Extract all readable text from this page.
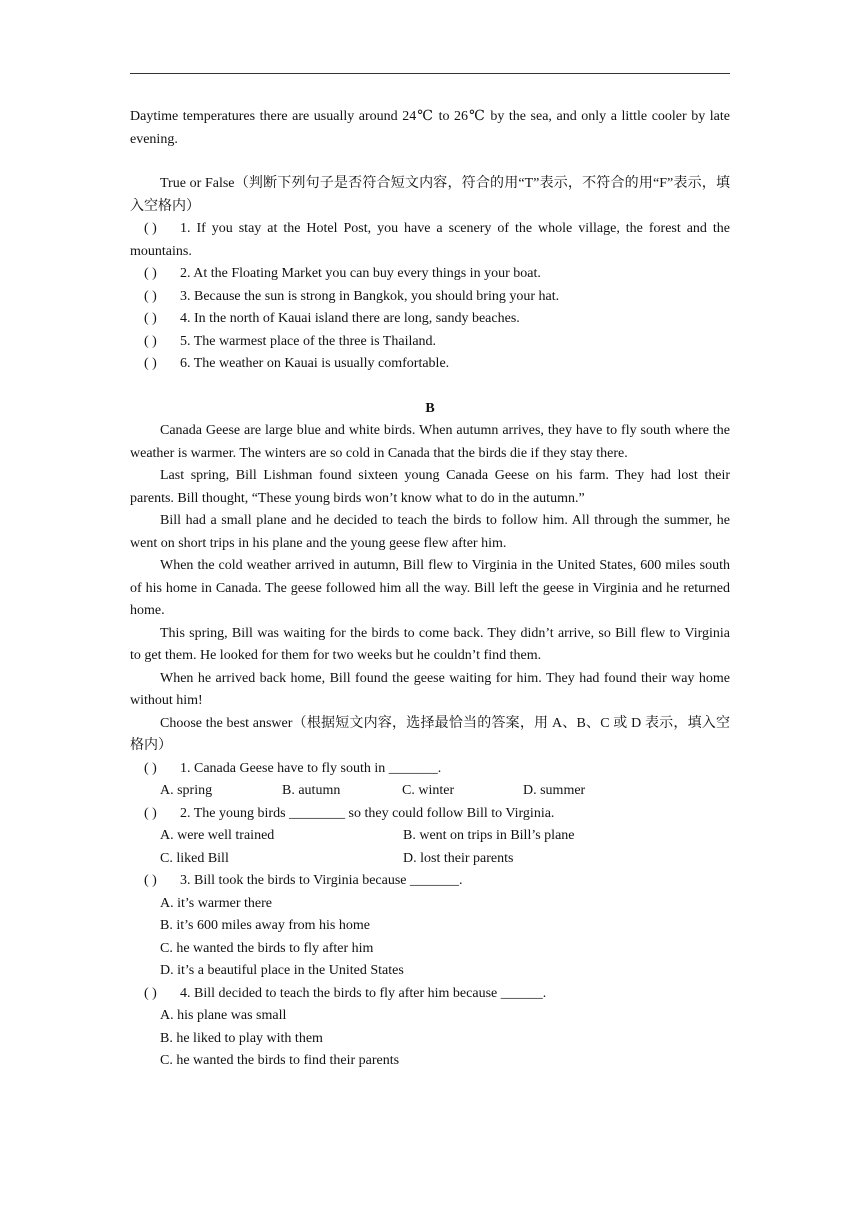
Daytime temperatures there are usually around 24℃ to 26℃ by the sea, and only a little cooler by late evening.

True or False（判断下列句子是否符合短文内容，符合的用“T”表示，不符合的用“F”表示，填入空格内）

( ) 1. If you stay at the Hotel Post, you have a scenery of the whole village, the forest and the mountains.

( )	2. At the Floating Market you can buy every things in your boat.

( )	3. Because the sun is strong in Bangkok, you should bring your hat.

( )	4. In the north of Kauai island there are long, sandy beaches.

( )	5. The warmest place of the three is Thailand.

( )	6. The weather on Kauai is usually comfortable.

B

Canada Geese are large blue and white birds. When autumn arrives, they have to fly south where the weather is warmer. The winters are so cold in Canada that the birds die if they stay there.

Last spring, Bill Lishman found sixteen young Canada Geese on his farm. They had lost their parents. Bill thought, “These young birds won’t know what to do in the autumn.”

Bill had a small plane and he decided to teach the birds to follow him. All through the summer, he went on short trips in his plane and the young geese flew after him.

When the cold weather arrived in autumn, Bill flew to Virginia in the United States, 600 miles south of his home in Canada. The geese followed him all the way. Bill left the geese in Virginia and he returned home.

This spring, Bill was waiting for the birds to come back. They didn’t arrive, so Bill flew to Virginia to get them. He looked for them for two weeks but he couldn’t find them.

When he arrived back home, Bill found the geese waiting for him. They had found their way home without him!

Choose the best answer（根据短文内容，选择最恰当的答案，用 A、B、C 或 D 表示，填入空格内）

( )	1. Canada Geese have to fly south in _______.

A. spring	B. autumn	C. winter	D. summer

( )	2. The young birds ________ so they could follow Bill to Virginia.

A. were well trained	B. went on trips in Bill’s plane

C. liked Bill	D. lost their parents

( )	3. Bill took the birds to Virginia because _______.

A. it’s warmer there

B. it’s 600 miles away from his home

C. he wanted the birds to fly after him

D. it’s a beautiful place in the United States

( )	4. Bill decided to teach the birds to fly after him because ______.

A. his plane was small

B. he liked to play with them

C. he wanted the birds to find their parents
